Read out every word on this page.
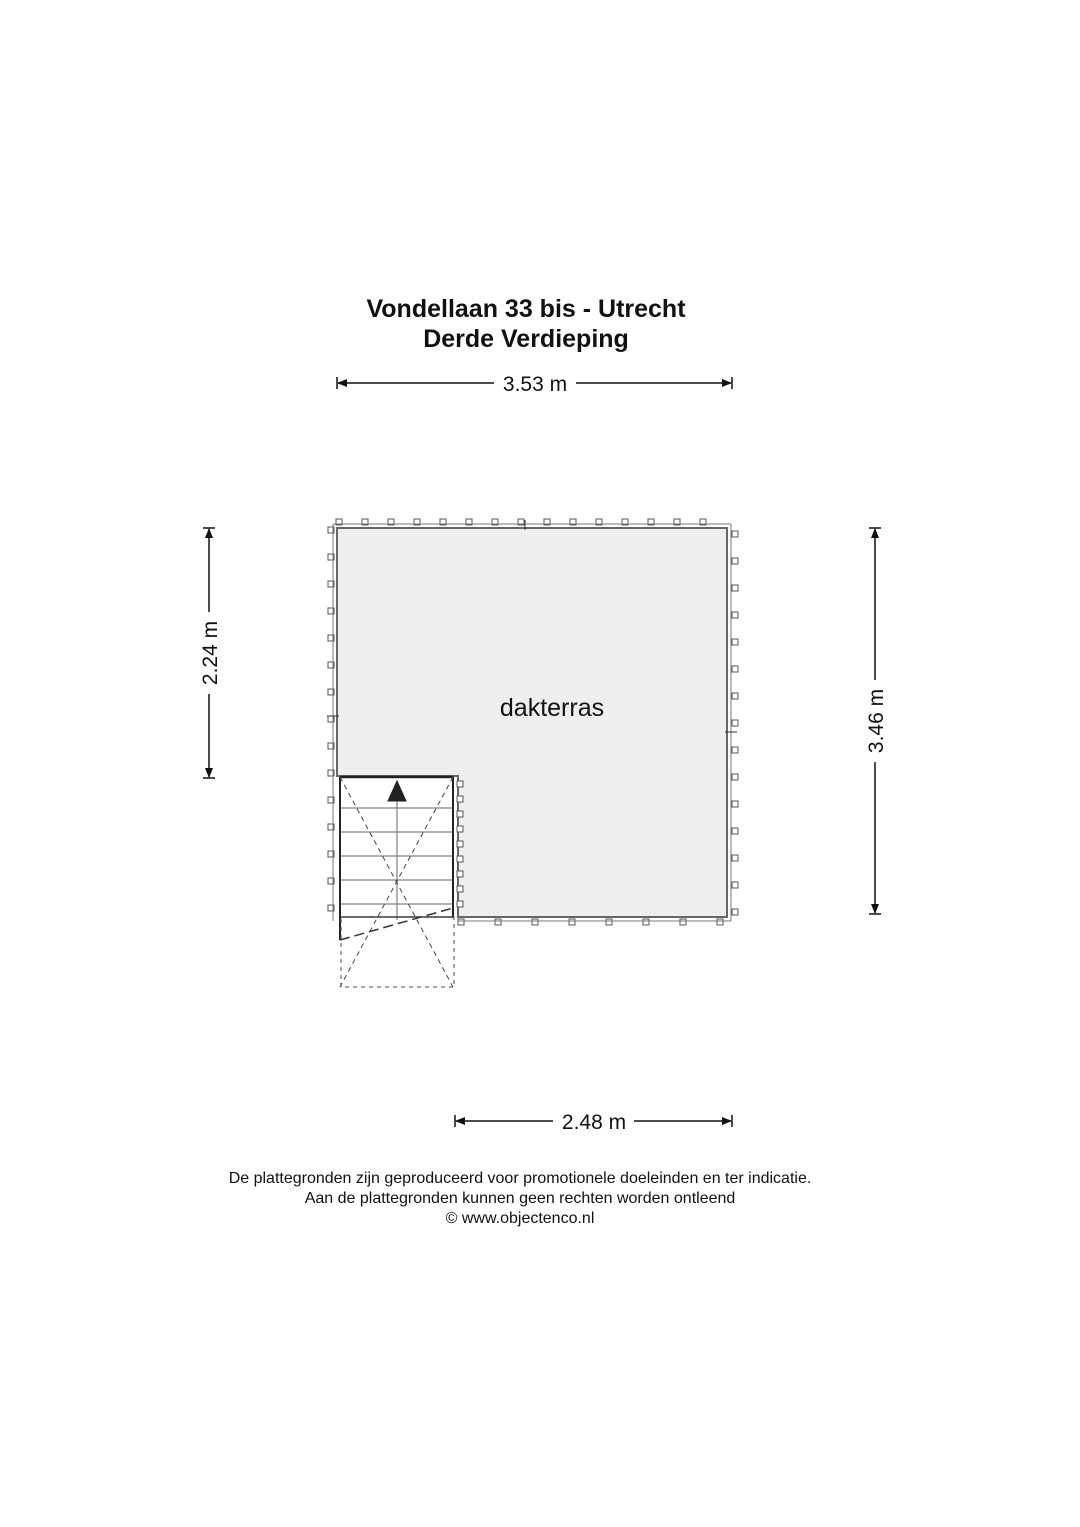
Vondellaan 33 bis - Utrecht
Derde Verdieping
3.53 m
2.24 m
3.46 m
2.48 m
dakterras
De plattegronden zijn geproduceerd voor promotionele doeleinden en ter indicatie.
Aan de plattegronden kunnen geen rechten worden ontleend
© www.objectenco.nl
